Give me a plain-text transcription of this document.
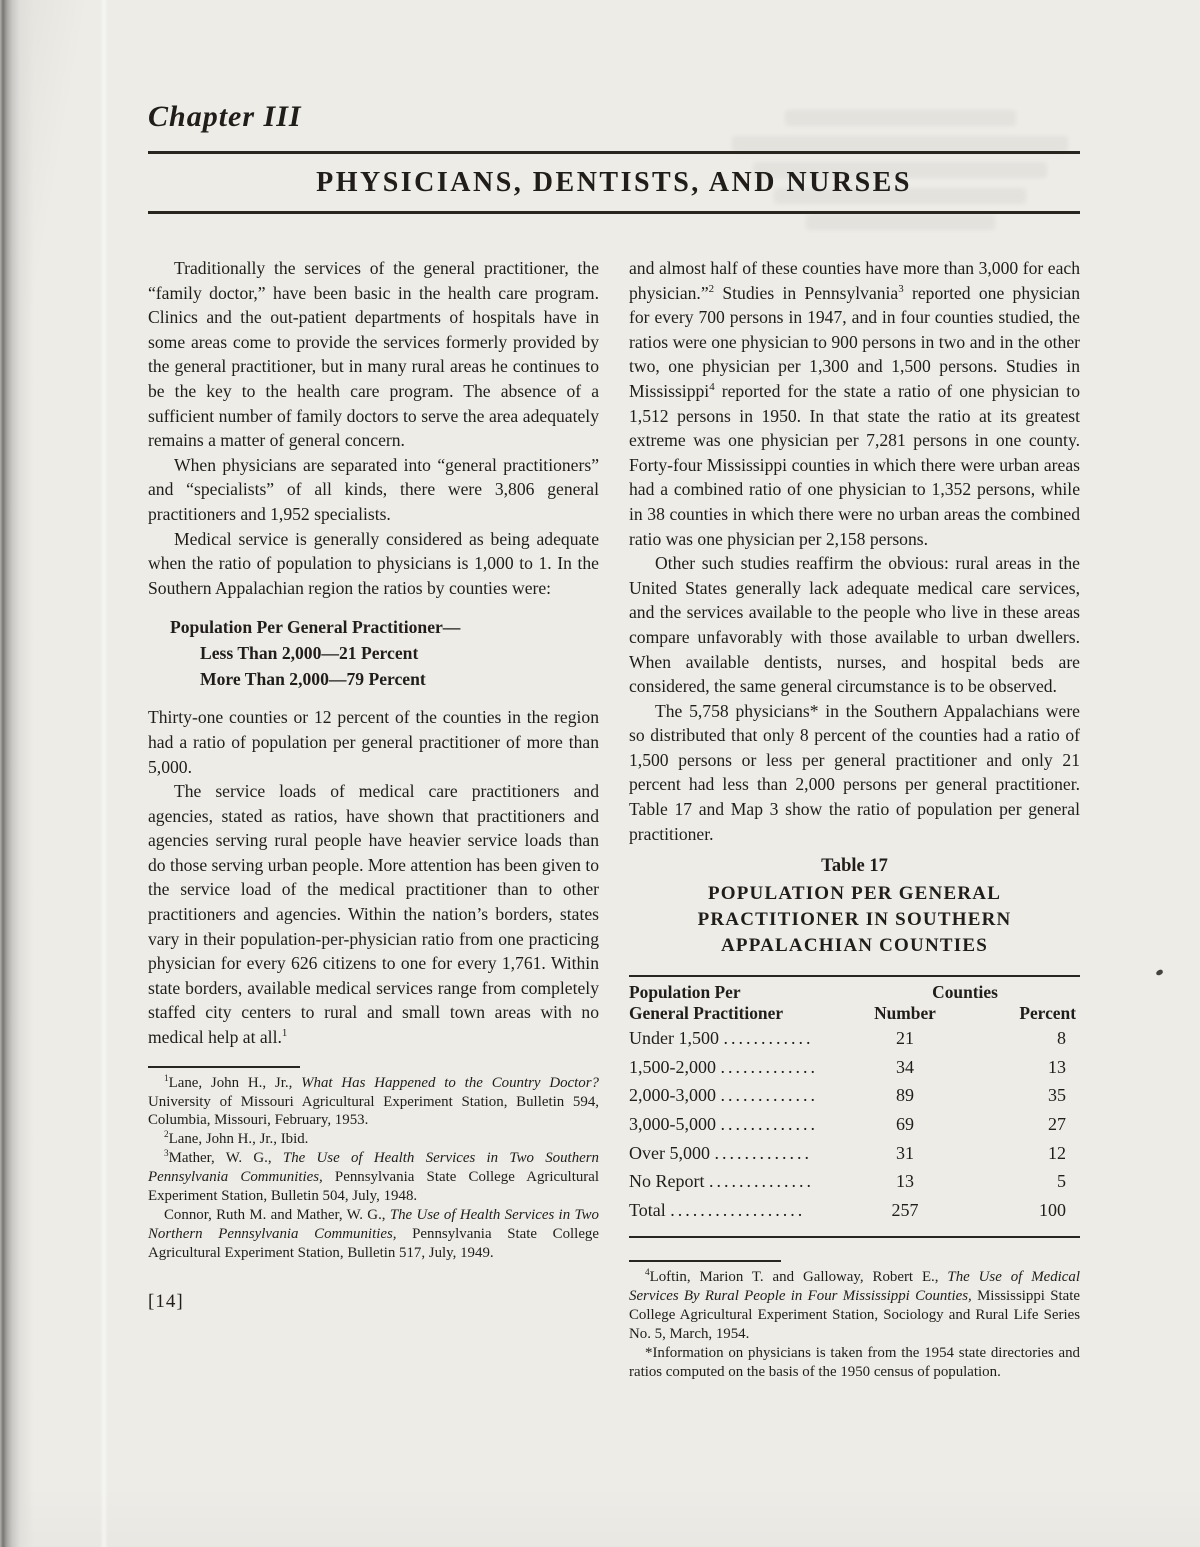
Chapter III
PHYSICIANS, DENTISTS, AND NURSES

Traditionally the services of the general practitioner, the “family doctor,” have been basic in the health care program. Clinics and the out-patient departments of hospitals have in some areas come to provide the services formerly provided by the general practitioner, but in many rural areas he continues to be the key to the health care program. The absence of a sufficient number of family doctors to serve the area adequately remains a matter of general concern.

When physicians are separated into “general practitioners” and “specialists” of all kinds, there were 3,806 general practitioners and 1,952 specialists.

Medical service is generally considered as being adequate when the ratio of population to physicians is 1,000 to 1. In the Southern Appalachian region the ratios by counties were:

Population Per General Practitioner—
Less Than 2,000—21 Percent
More Than 2,000—79 Percent

Thirty-one counties or 12 percent of the counties in the region had a ratio of population per general practitioner of more than 5,000.

The service loads of medical care practitioners and agencies, stated as ratios, have shown that practitioners and agencies serving rural people have heavier service loads than do those serving urban people. More attention has been given to the service load of the medical practitioner than to other practitioners and agencies. Within the nation’s borders, states vary in their population-per-physician ratio from one practicing physician for every 626 citizens to one for every 1,761. Within state borders, available medical services range from completely staffed city centers to rural and small town areas with no medical help at all.$^1$

$^1$Lane, John H., Jr., What Has Happened to the Country Doctor? University of Missouri Agricultural Experiment Station, Bulletin 594, Columbia, Missouri, February, 1953.

$^2$Lane, John H., Jr., Ibid.

$^3$Mather, W. G., The Use of Health Services in Two Southern Pennsylvania Communities, Pennsylvania State College Agricultural Experiment Station, Bulletin 504, July, 1948.

Connor, Ruth M. and Mather, W. G., The Use of Health Services in Two Northern Pennsylvania Communities, Pennsylvania State College Agricultural Experiment Station, Bulletin 517, July, 1949.

[14]

and almost half of these counties have more than 3,000 for each physician.”$^2$ Studies in Pennsylvania$^3$ reported one physician for every 700 persons in 1947, and in four counties studied, the ratios were one physician to 900 persons in two and in the other two, one physician per 1,300 and 1,500 persons. Studies in Mississippi$^4$ reported for the state a ratio of one physician to 1,512 persons in 1950. In that state the ratio at its greatest extreme was one physician per 7,281 persons in one county. Forty-four Mississippi counties in which there were urban areas had a combined ratio of one physician to 1,352 persons, while in 38 counties in which there were no urban areas the combined ratio was one physician per 2,158 persons.

Other such studies reaffirm the obvious: rural areas in the United States generally lack adequate medical care services, and the services available to the people who live in these areas compare unfavorably with those available to urban dwellers. When available dentists, nurses, and hospital beds are considered, the same general circumstance is to be observed.

The 5,758 physicians* in the Southern Appalachians were so distributed that only 8 percent of the counties had a ratio of 1,500 persons or less per general practitioner and only 21 percent had less than 2,000 persons per general practitioner. Table 17 and Map 3 show the ratio of population per general practitioner.

Table 17
POPULATION PER GENERAL
PRACTITIONER IN SOUTHERN
APPALACHIAN COUNTIES
Population Per	Counties
General Practitioner	Number	Percent
Under 1,500 ............	21	8
1,500-2,000 .............	34	13
2,000-3,000 .............	89	35
3,000-5,000 .............	69	27
Over 5,000 .............	31	12
No Report ..............	13	5
Total ..................	257	100

$^4$Loftin, Marion T. and Galloway, Robert E., The Use of Medical Services By Rural People in Four Mississippi Counties, Mississippi State College Agricultural Experiment Station, Sociology and Rural Life Series No. 5, March, 1954.

*Information on physicians is taken from the 1954 state directories and ratios computed on the basis of the 1950 census of population.
